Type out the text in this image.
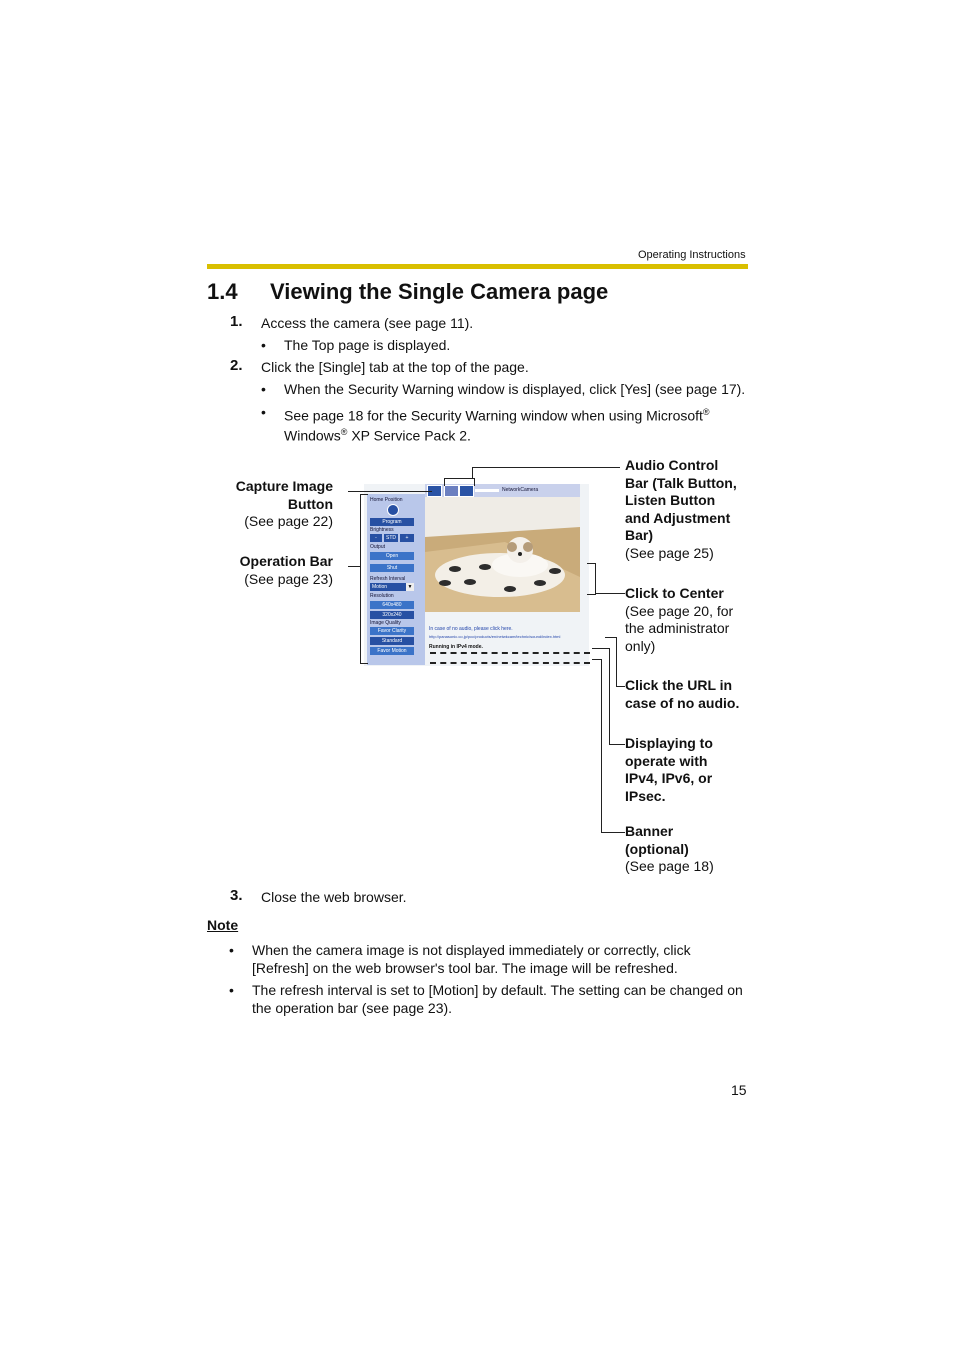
Operating Instructions
1.4 Viewing the Single Camera page
1. Access the camera (see page 11).
• The Top page is displayed.
2. Click the [Single] tab at the top of the page.
• When the Security Warning window is displayed, click [Yes] (see page 17).
• See page 18 for the Security Warning window when using Microsoft®
Windows® XP Service Pack 2.
Capture Image
Button
(See page 22)
Operation Bar
(See page 23)
Audio Control
Bar (Talk Button,
Listen Button
and Adjustment
Bar)
(See page 25)
Click to Center
(See page 20, for
the administrator
only)
Click the URL in
case of no audio.
Displaying to
operate with
IPv4, IPv6, or
IPsec.
Banner
(optional)
(See page 18)
Home Position
Program
Brightness
-	STD	+
Output
Open
Shut
Refresh Interval
Motion	▼
Resolution
640x480
320x240
Image Quality
Favor Clarity
Standard
Favor Motion
NetworkCamera
In case of no audio, please click here.
http://panasonic.co.jp/pcc/products/en/netwkcam/technic/sound/index.html
Running in IPv4 mode.
3. Close the web browser.
Note
• When the camera image is not displayed immediately or correctly, click
[Refresh] on the web browser's tool bar. The image will be refreshed.
• The refresh interval is set to [Motion] by default. The setting can be changed on
the operation bar (see page 23).
15
